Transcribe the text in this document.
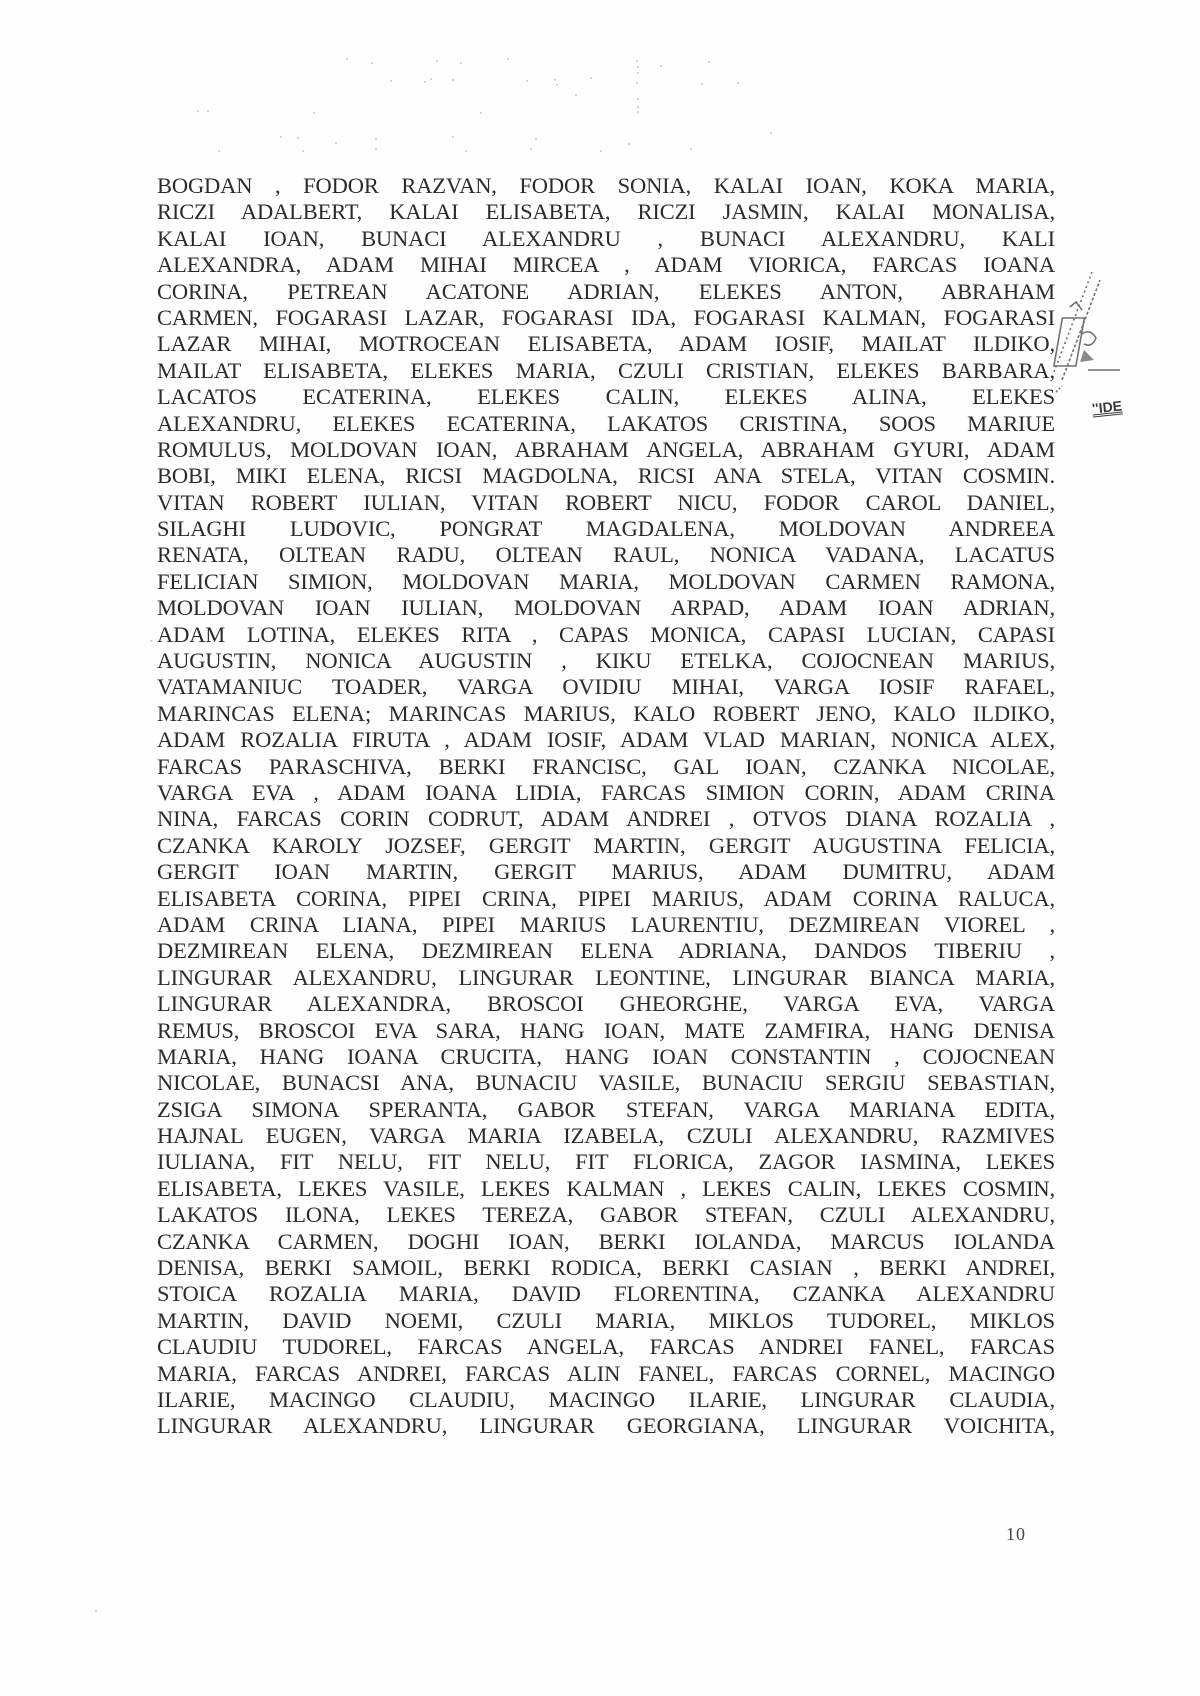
BOGDAN , FODOR RAZVAN, FODOR SONIA, KALAI IOAN, KOKA MARIA,
RICZI ADALBERT, KALAI ELISABETA, RICZI JASMIN, KALAI MONALISA,
KALAI IOAN, BUNACI ALEXANDRU , BUNACI ALEXANDRU, KALI
ALEXANDRA, ADAM MIHAI MIRCEA , ADAM VIORICA, FARCAS IOANA
CORINA, PETREAN ACATONE ADRIAN, ELEKES ANTON, ABRAHAM
CARMEN, FOGARASI LAZAR, FOGARASI IDA, FOGARASI KALMAN, FOGARASI
LAZAR MIHAI, MOTROCEAN ELISABETA, ADAM IOSIF, MAILAT ILDIKO,
MAILAT ELISABETA, ELEKES MARIA, CZULI CRISTIAN, ELEKES BARBARA,
LACATOS ECATERINA, ELEKES CALIN, ELEKES ALINA, ELEKES
ALEXANDRU, ELEKES ECATERINA, LAKATOS CRISTINA, SOOS MARIUE
ROMULUS, MOLDOVAN IOAN, ABRAHAM ANGELA, ABRAHAM GYURI, ADAM
BOBI, MIKI ELENA, RICSI MAGDOLNA, RICSI ANA STELA, VITAN COSMIN.
VITAN ROBERT IULIAN, VITAN ROBERT NICU, FODOR CAROL DANIEL,
SILAGHI LUDOVIC, PONGRAT MAGDALENA, MOLDOVAN ANDREEA
RENATA, OLTEAN RADU, OLTEAN RAUL, NONICA VADANA, LACATUS
FELICIAN SIMION, MOLDOVAN MARIA, MOLDOVAN CARMEN RAMONA,
MOLDOVAN IOAN IULIAN, MOLDOVAN ARPAD, ADAM IOAN ADRIAN,
ADAM LOTINA, ELEKES RITA , CAPAS MONICA, CAPASI LUCIAN, CAPASI
AUGUSTIN, NONICA AUGUSTIN , KIKU ETELKA, COJOCNEAN MARIUS,
VATAMANIUC TOADER, VARGA OVIDIU MIHAI, VARGA IOSIF RAFAEL,
MARINCAS ELENA; MARINCAS MARIUS, KALO ROBERT JENO, KALO ILDIKO,
ADAM ROZALIA FIRUTA , ADAM IOSIF, ADAM VLAD MARIAN, NONICA ALEX,
FARCAS PARASCHIVA, BERKI FRANCISC, GAL IOAN, CZANKA NICOLAE,
VARGA EVA , ADAM IOANA LIDIA, FARCAS SIMION CORIN, ADAM CRINA
NINA, FARCAS CORIN CODRUT, ADAM ANDREI , OTVOS DIANA ROZALIA ,
CZANKA KAROLY JOZSEF, GERGIT MARTIN, GERGIT AUGUSTINA FELICIA,
GERGIT IOAN MARTIN, GERGIT MARIUS, ADAM DUMITRU, ADAM
ELISABETA CORINA, PIPEI CRINA, PIPEI MARIUS, ADAM CORINA RALUCA,
ADAM CRINA LIANA, PIPEI MARIUS LAURENTIU, DEZMIREAN VIOREL ,
DEZMIREAN ELENA, DEZMIREAN ELENA ADRIANA, DANDOS TIBERIU ,
LINGURAR ALEXANDRU, LINGURAR LEONTINE, LINGURAR BIANCA MARIA,
LINGURAR ALEXANDRA, BROSCOI GHEORGHE, VARGA EVA, VARGA
REMUS, BROSCOI EVA SARA, HANG IOAN, MATE ZAMFIRA, HANG DENISA
MARIA, HANG IOANA CRUCITA, HANG IOAN CONSTANTIN , COJOCNEAN
NICOLAE, BUNACSI ANA, BUNACIU VASILE, BUNACIU SERGIU SEBASTIAN,
ZSIGA SIMONA SPERANTA, GABOR STEFAN, VARGA MARIANA EDITA,
HAJNAL EUGEN, VARGA MARIA IZABELA, CZULI ALEXANDRU, RAZMIVES
IULIANA, FIT NELU, FIT NELU, FIT FLORICA, ZAGOR IASMINA, LEKES
ELISABETA, LEKES VASILE, LEKES KALMAN , LEKES CALIN, LEKES COSMIN,
LAKATOS ILONA, LEKES TEREZA, GABOR STEFAN, CZULI ALEXANDRU,
CZANKA CARMEN, DOGHI IOAN, BERKI IOLANDA, MARCUS IOLANDA
DENISA, BERKI SAMOIL, BERKI RODICA, BERKI CASIAN , BERKI ANDREI,
STOICA ROZALIA MARIA, DAVID FLORENTINA, CZANKA ALEXANDRU
MARTIN, DAVID NOEMI, CZULI MARIA, MIKLOS TUDOREL, MIKLOS
CLAUDIU TUDOREL, FARCAS ANGELA, FARCAS ANDREI FANEL, FARCAS
MARIA, FARCAS ANDREI, FARCAS ALIN FANEL, FARCAS CORNEL, MACINGO
ILARIE, MACINGO CLAUDIU, MACINGO ILARIE, LINGURAR CLAUDIA,
LINGURAR ALEXANDRU, LINGURAR GEORGIANA, LINGURAR VOICHITA,
''IDE
10
